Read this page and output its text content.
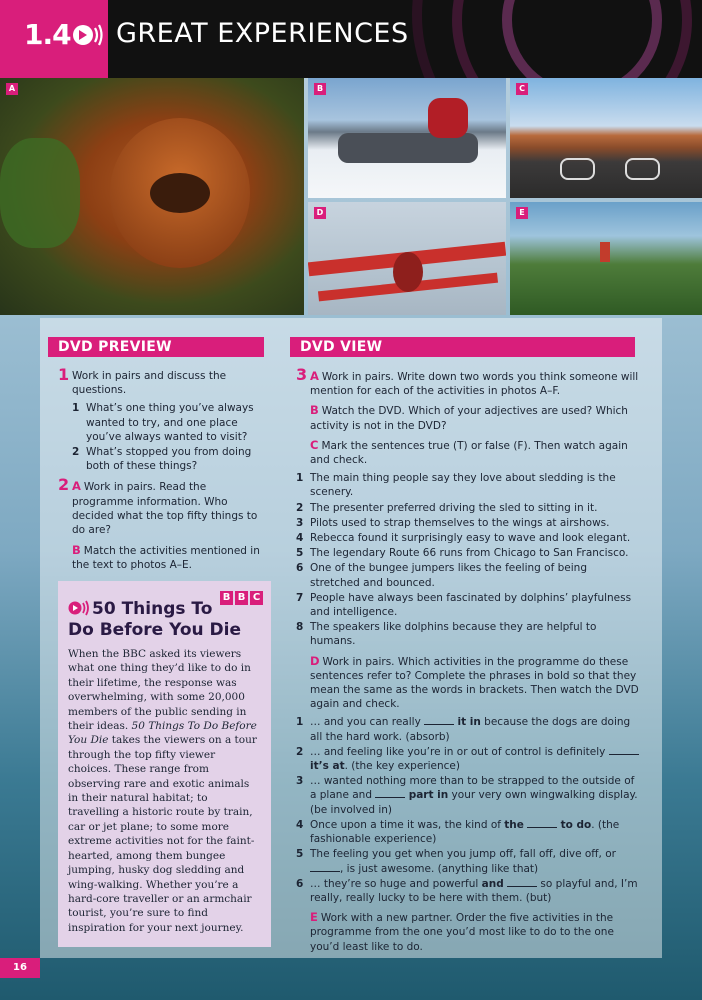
1.4 GREAT EXPERIENCES
A	B	C
D	E
DVD PREVIEW	DVD VIEW
1 Work in pairs and discuss the questions.
1 What’s one thing you’ve always wanted to try, and one place you’ve always wanted to visit?
2 What’s stopped you from doing both of these things?
2 A Work in pairs. Read the programme information. Who decided what the top fifty things to do are?
B Match the activities mentioned in the text to photos A–E.
B B C
50 Things To
Do Before You Die
When the BBC asked its viewers what one thing they’d like to do in their lifetime, the response was overwhelming, with some 20,000 members of the public sending in their ideas. 50 Things To Do Before You Die takes the viewers on a tour through the top fifty viewer choices. These range from observing rare and exotic animals in their natural habitat; to travelling a historic route by train, car or jet plane; to some more extreme activities not for the faint-hearted, among them bungee jumping, husky dog sledding and wing-walking. Whether you’re a hard-core traveller or an armchair tourist, you’re sure to find inspiration for your next journey.
3 A Work in pairs. Write down two words you think someone will mention for each of the activities in photos A–F.
B Watch the DVD. Which of your adjectives are used? Which activity is not in the DVD?
C Mark the sentences true (T) or false (F). Then watch again and check.
1 The main thing people say they love about sledding is the scenery.
2 The presenter preferred driving the sled to sitting in it.
3 Pilots used to strap themselves to the wings at airshows.
4 Rebecca found it surprisingly easy to wave and look elegant.
5 The legendary Route 66 runs from Chicago to San Francisco.
6 One of the bungee jumpers likes the feeling of being stretched and bounced.
7 People have always been fascinated by dolphins’ playfulness and intelligence.
8 The speakers like dolphins because they are helpful to humans.
D Work in pairs. Which activities in the programme do these sentences refer to? Complete the phrases in bold so that they mean the same as the words in brackets. Then watch the DVD again and check.
1 … and you can really	it in because the dogs are doing all the hard work. (absorb)
2 … and feeling like you’re in or out of control is definitely  it’s at. (the key experience)
3 … wanted nothing more than to be strapped to the outside of a plane and	part in your very own wingwalking display. (be involved in)
4 Once upon a time it was, the kind of the	to do. (the fashionable experience)
5 The feeling you get when you jump off, fall off, dive off, or , is just awesome. (anything like that)
6 … they’re so huge and powerful and	so playful and, I’m really, really lucky to be here with them. (but)
E Work with a new partner. Order the five activities in the programme from the one you’d most like to do to the one you’d least like to do.
16
